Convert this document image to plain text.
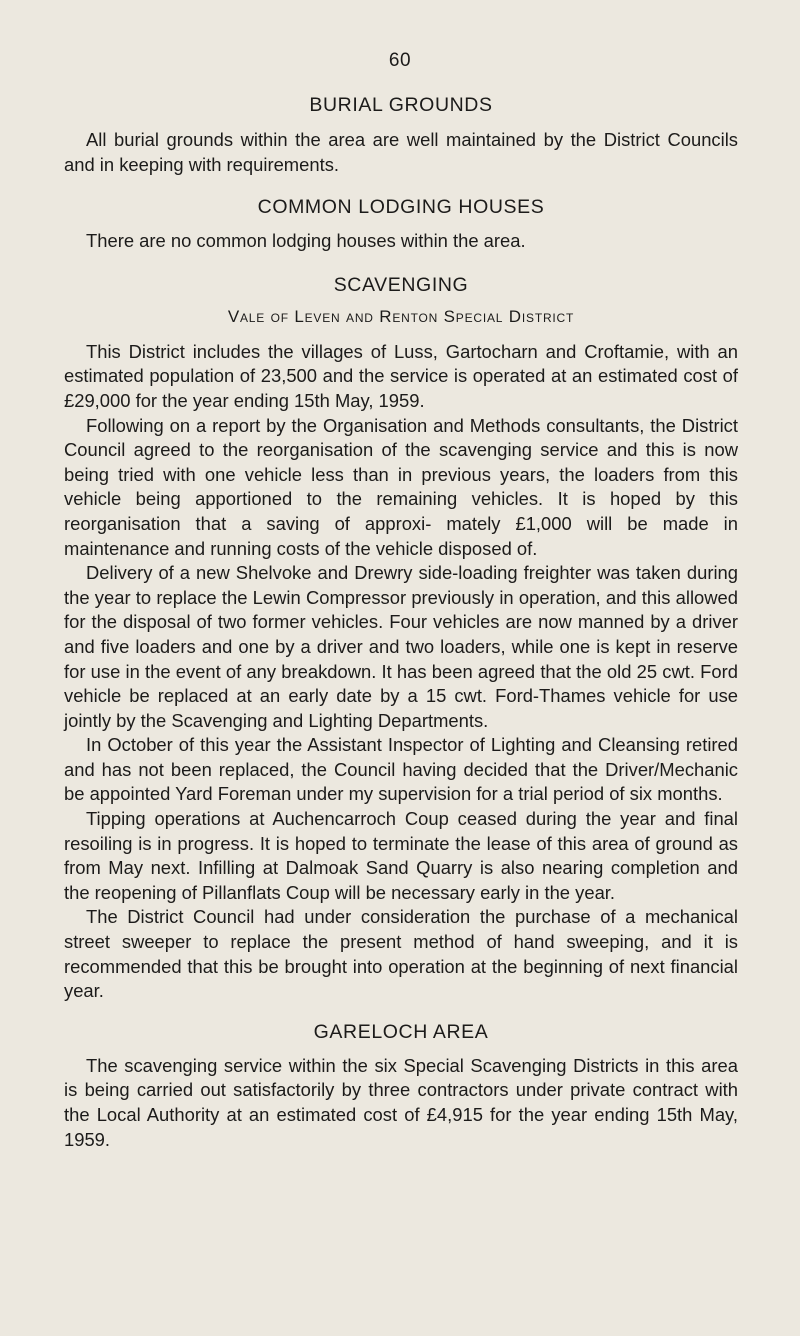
60
BURIAL GROUNDS

All burial grounds within the area are well maintained by the District Councils and in keeping with requirements.

COMMON LODGING HOUSES

There are no common lodging houses within the area.

SCAVENGING
Vale of Leven and Renton Special District

This District includes the villages of Luss, Gartocharn and Croftamie, with an estimated population of 23,500 and the service is operated at an estimated cost of £29,000 for the year ending 15th May, 1959.

Following on a report by the Organisation and Methods consultants, the District Council agreed to the reorganisation of the scavenging service and this is now being tried with one vehicle less than in previous years, the loaders from this vehicle being apportioned to the remaining vehicles. It is hoped by this reorganisation that a saving of approxi- mately £1,000 will be made in maintenance and running costs of the vehicle disposed of.

Delivery of a new Shelvoke and Drewry side-loading freighter was taken during the year to replace the Lewin Compressor previously in operation, and this allowed for the disposal of two former vehicles. Four vehicles are now manned by a driver and five loaders and one by a driver and two loaders, while one is kept in reserve for use in the event of any breakdown. It has been agreed that the old 25 cwt. Ford vehicle be replaced at an early date by a 15 cwt. Ford-Thames vehicle for use jointly by the Scavenging and Lighting Departments.

In October of this year the Assistant Inspector of Lighting and Cleansing retired and has not been replaced, the Council having decided that the Driver/Mechanic be appointed Yard Foreman under my supervision for a trial period of six months.

Tipping operations at Auchencarroch Coup ceased during the year and final resoiling is in progress. It is hoped to terminate the lease of this area of ground as from May next. Infilling at Dalmoak Sand Quarry is also nearing completion and the reopening of Pillanflats Coup will be necessary early in the year.

The District Council had under consideration the purchase of a mechanical street sweeper to replace the present method of hand sweeping, and it is recommended that this be brought into operation at the beginning of next financial year.

GARELOCH AREA

The scavenging service within the six Special Scavenging Districts in this area is being carried out satisfactorily by three contractors under private contract with the Local Authority at an estimated cost of £4,915 for the year ending 15th May, 1959.
